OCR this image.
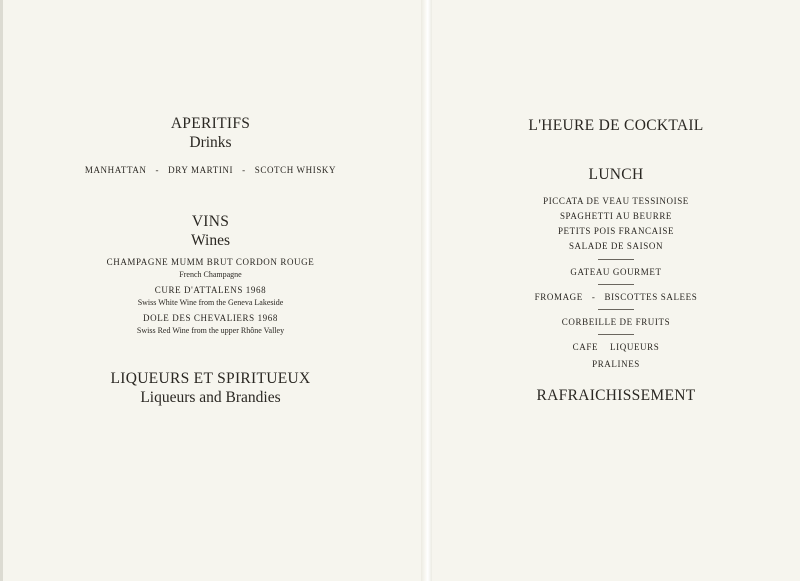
APERITIFS
Drinks
MANHATTAN - DRY MARTINI - SCOTCH WHISKY
VINS
Wines
CHAMPAGNE MUMM BRUT CORDON ROUGE
French Champagne
CURE D'ATTALENS 1968
Swiss White Wine from the Geneva Lakeside
DOLE DES CHEVALIERS 1968
Swiss Red Wine from the upper Rhône Valley
LIQUEURS ET SPIRITUEUX
Liqueurs and Brandies
L'HEURE DE COCKTAIL
LUNCH
PICCATA DE VEAU TESSINOISE
SPAGHETTI AU BEURRE
PETITS POIS FRANCAISE
SALADE DE SAISON
GATEAU GOURMET
FROMAGE - BISCOTTES SALEES
CORBEILLE DE FRUITS
CAFE LIQUEURS
PRALINES
RAFRAICHISSEMENT
